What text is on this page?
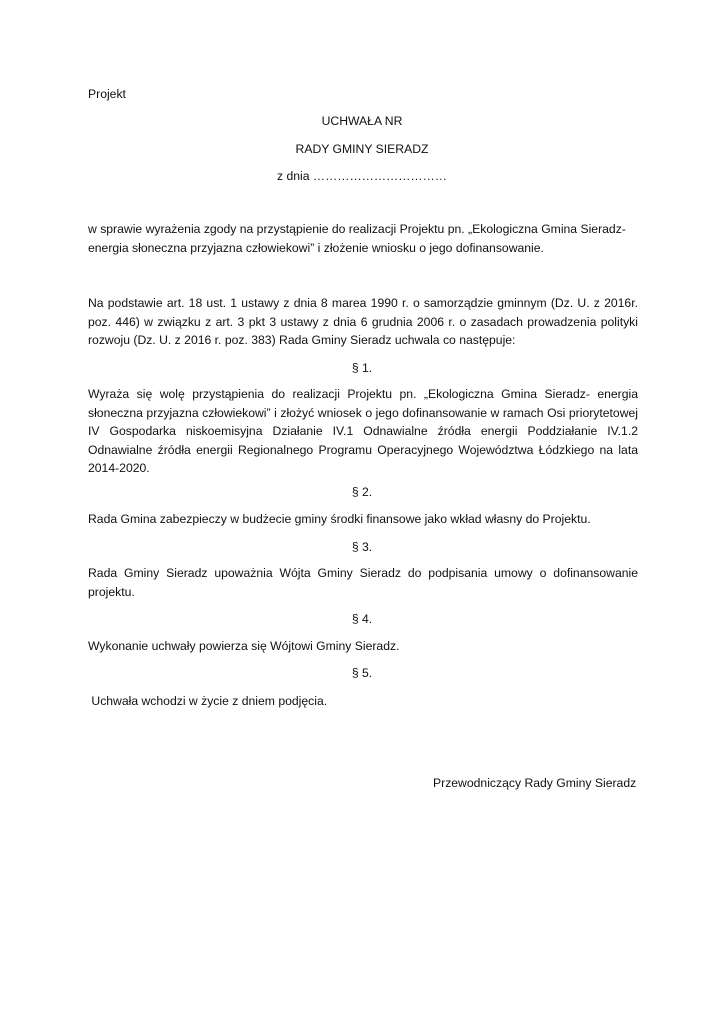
Projekt
UCHWAŁA NR
RADY GMINY SIERADZ
z dnia ……………………………
w sprawie wyrażenia zgody na przystąpienie do realizacji Projektu pn. „Ekologiczna Gmina Sieradz- energia słoneczna przyjazna człowiekowi” i złożenie wniosku o jego dofinansowanie.
Na podstawie art. 18 ust. 1 ustawy z dnia 8 marea 1990 r. o samorządzie gminnym (Dz. U. z 2016r. poz. 446) w związku z art. 3 pkt 3 ustawy z dnia 6 grudnia 2006 r. o zasadach prowadzenia polityki rozwoju (Dz. U. z 2016 r. poz. 383) Rada Gminy Sieradz uchwala co następuje:
§ 1.
Wyraża się wolę przystąpienia do realizacji Projektu pn. „Ekologiczna Gmina Sieradz- energia słoneczna przyjazna człowiekowi” i złożyć wniosek o jego dofinansowanie w ramach Osi priorytetowej IV Gospodarka niskoemisyjna Działanie IV.1 Odnawialne źródła energii Poddziałanie IV.1.2 Odnawialne źródła energii Regionalnego Programu Operacyjnego Województwa Łódzkiego na lata 2014-2020.
§ 2.
Rada Gmina zabezpieczy w budżecie gminy środki finansowe jako wkład własny do Projektu.
§ 3.
Rada Gminy Sieradz upoważnia Wójta Gminy Sieradz do podpisania umowy o dofinansowanie projektu.
§ 4.
Wykonanie uchwały powierza się Wójtowi Gminy Sieradz.
§ 5.
Uchwała wchodzi w życie z dniem podjęcia.
Przewodniczący Rady Gminy Sieradz
